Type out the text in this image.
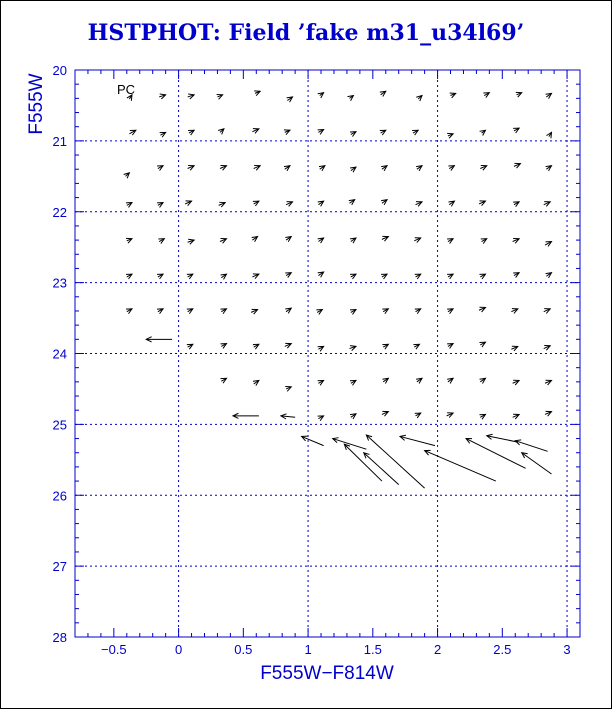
HSTPHOT: Field ’fake m31_u34l69’
−0.5	0	0.5	1	1.5	2	2.5	3
20
21
22
23
24
25
26
27
28
F555W−F814W
F555W	PC
